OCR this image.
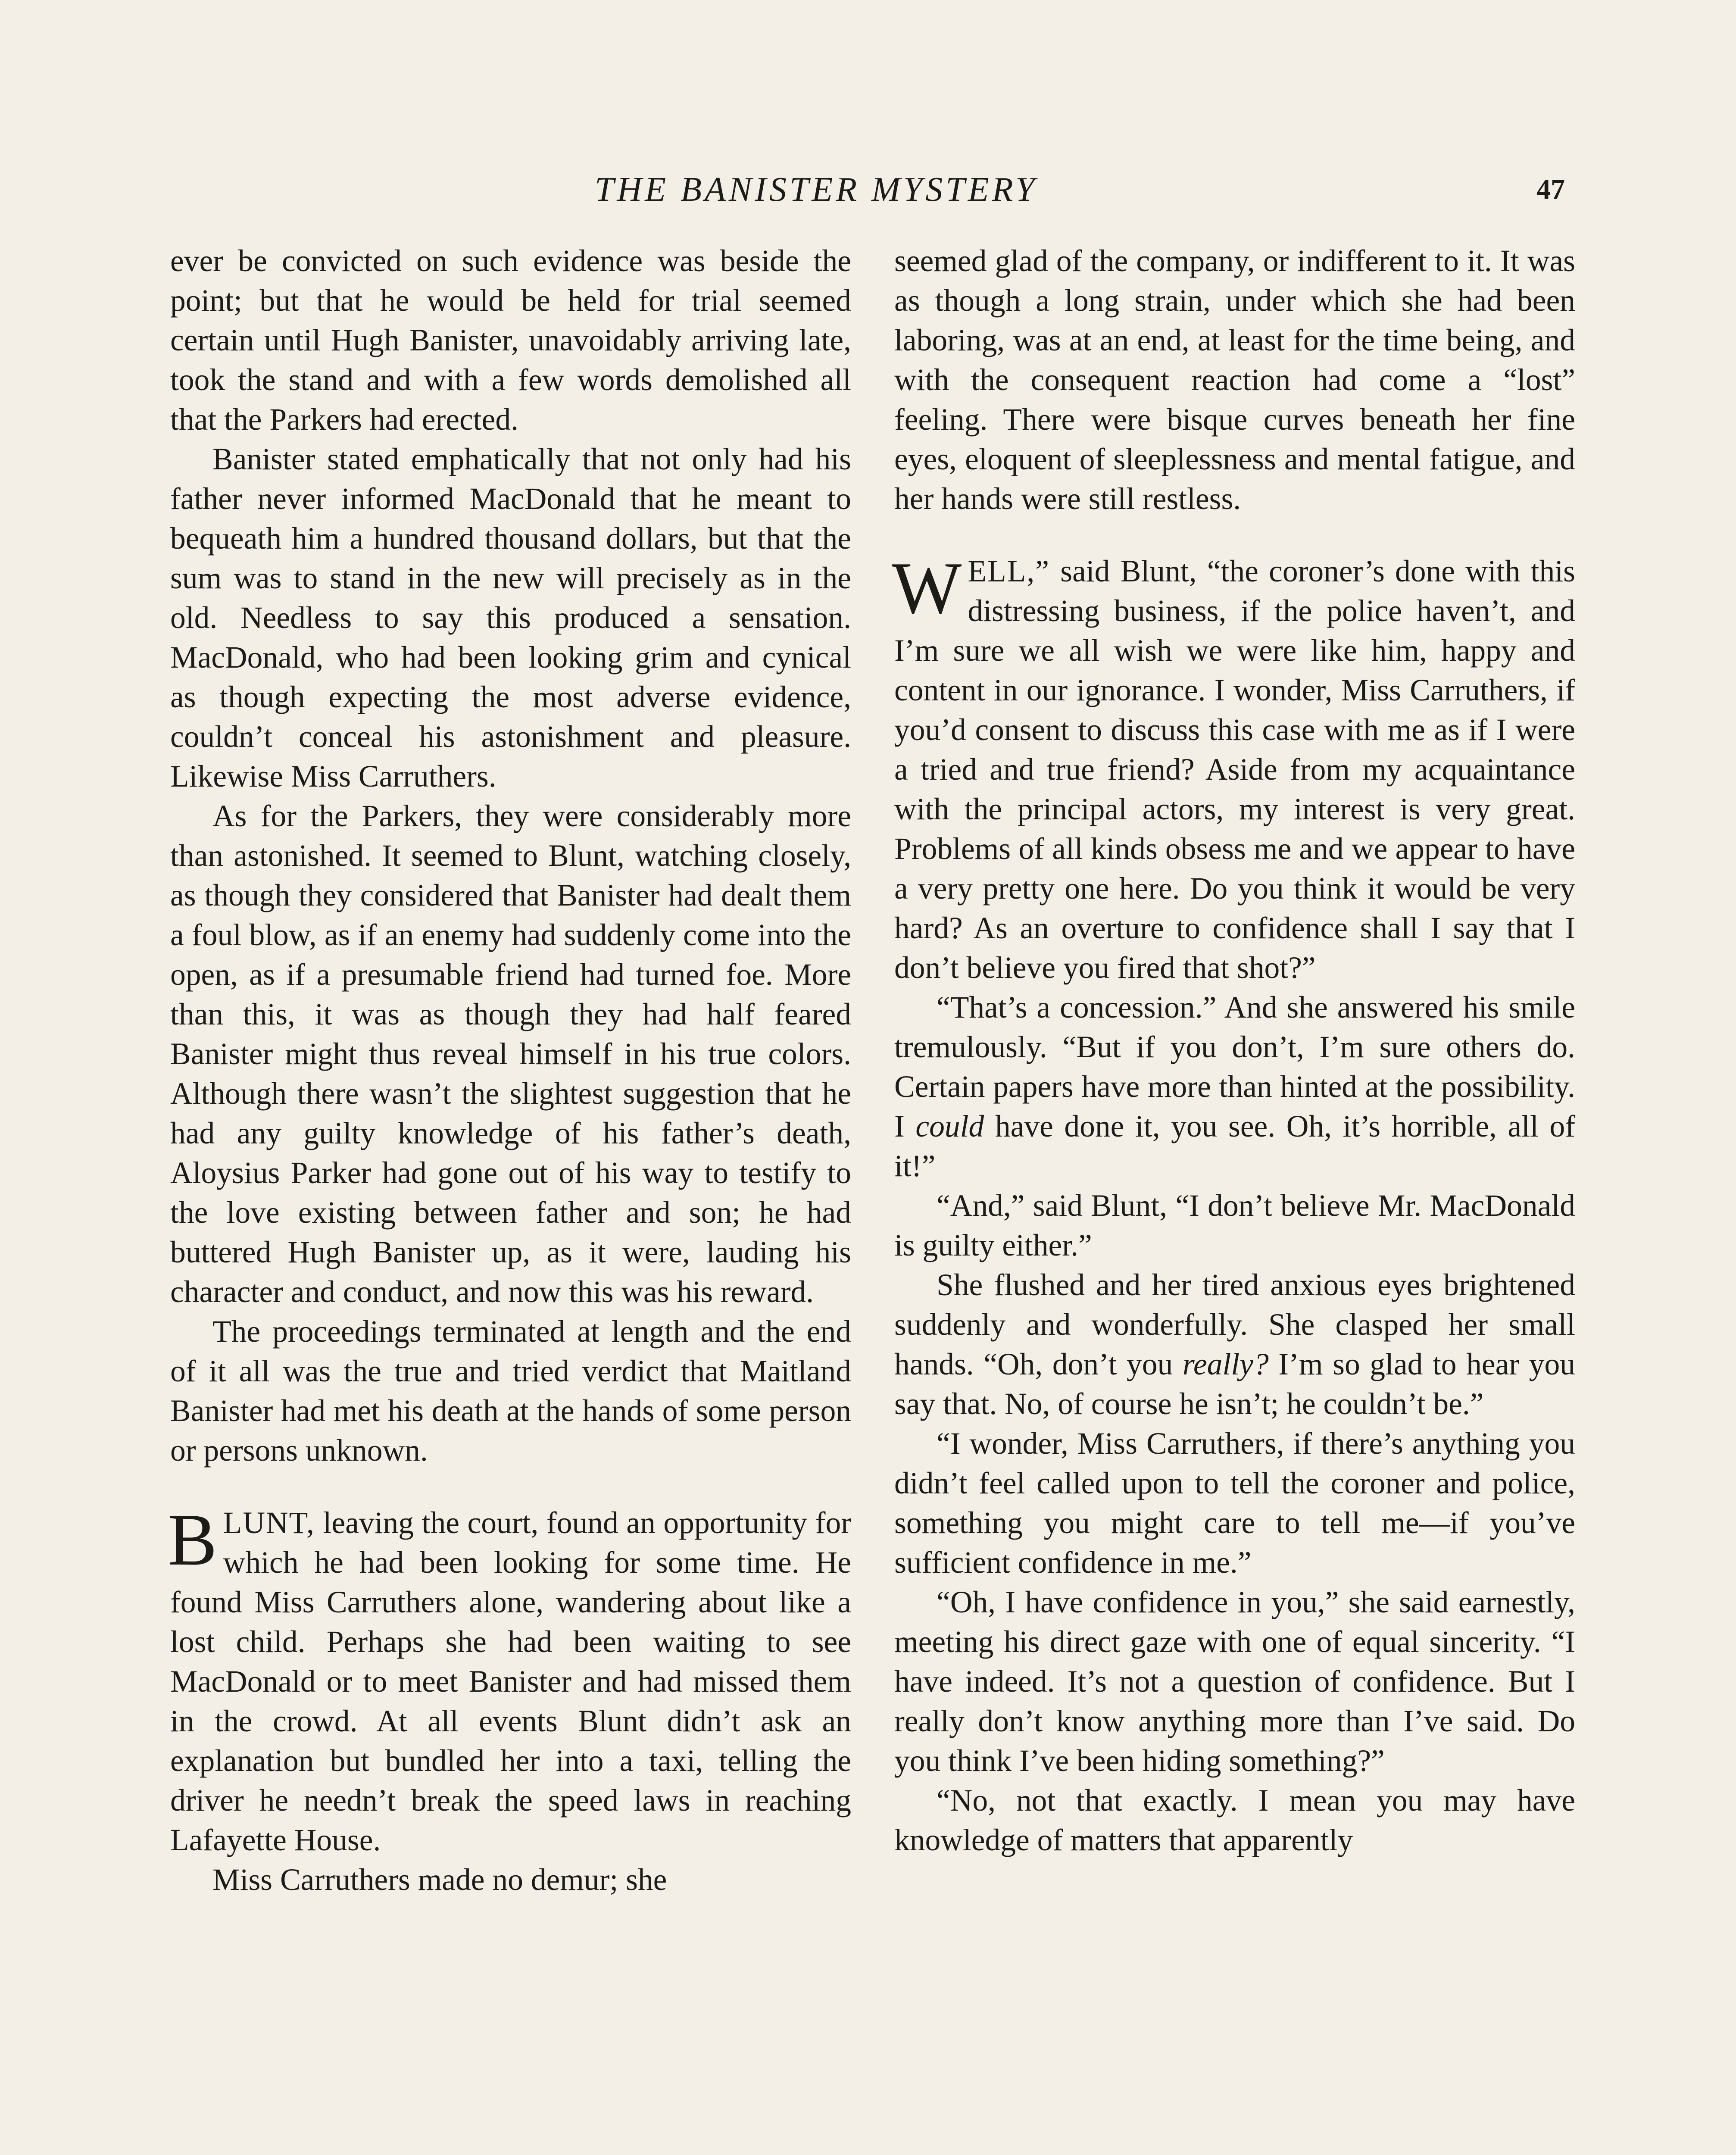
THE BANISTER MYSTERY	47

ever be convicted on such evidence was beside the point; but that he would be held for trial seemed certain until Hugh Banister, unavoidably arriving late, took the stand and with a few words demolished all that the Parkers had erected.

Banister stated emphatically that not only had his father never informed MacDonald that he meant to bequeath him a hundred thousand dollars, but that the sum was to stand in the new will precisely as in the old. Needless to say this produced a sensation. MacDonald, who had been looking grim and cynical as though expecting the most adverse evidence, couldn’t conceal his astonishment and pleasure. Likewise Miss Carruthers.

As for the Parkers, they were considerably more than astonished. It seemed to Blunt, watching closely, as though they considered that Banister had dealt them a foul blow, as if an enemy had suddenly come into the open, as if a presumable friend had turned foe. More than this, it was as though they had half feared Banister might thus reveal himself in his true colors. Although there wasn’t the slightest suggestion that he had any guilty knowledge of his father’s death, Aloysius Parker had gone out of his way to testify to the love existing between father and son; he had buttered Hugh Banister up, as it were, lauding his character and conduct, and now this was his reward.

The proceedings terminated at length and the end of it all was the true and tried verdict that Maitland Banister had met his death at the hands of some person or persons unknown.

BLUNT, leaving the court, found an opportunity for which he had been looking for some time. He found Miss Carruthers alone, wandering about like a lost child. Perhaps she had been waiting to see MacDonald or to meet Banister and had missed them in the crowd. At all events Blunt didn’t ask an explanation but bundled her into a taxi, telling the driver he needn’t break the speed laws in reaching Lafayette House.

Miss Carruthers made no demur; she

seemed glad of the company, or indifferent to it. It was as though a long strain, under which she had been laboring, was at an end, at least for the time being, and with the consequent reaction had come a “lost” feeling. There were bisque curves beneath her fine eyes, eloquent of sleeplessness and mental fatigue, and her hands were still restless.

WELL,” said Blunt, “the coroner’s done with this distressing business, if the police haven’t, and I’m sure we all wish we were like him, happy and content in our ignorance. I wonder, Miss Carruthers, if you’d consent to discuss this case with me as if I were a tried and true friend? Aside from my acquaintance with the principal actors, my interest is very great. Problems of all kinds obsess me and we appear to have a very pretty one here. Do you think it would be very hard? As an overture to confidence shall I say that I don’t believe you fired that shot?”

“That’s a concession.” And she answered his smile tremulously. “But if you don’t, I’m sure others do. Certain papers have more than hinted at the possibility. I could have done it, you see. Oh, it’s horrible, all of it!”

“And,” said Blunt, “I don’t believe Mr. MacDonald is guilty either.”

She flushed and her tired anxious eyes brightened suddenly and wonderfully. She clasped her small hands. “Oh, don’t you really? I’m so glad to hear you say that. No, of course he isn’t; he couldn’t be.”

“I wonder, Miss Carruthers, if there’s anything you didn’t feel called upon to tell the coroner and police, something you might care to tell me—if you’ve sufficient confidence in me.”

“Oh, I have confidence in you,” she said earnestly, meeting his direct gaze with one of equal sincerity. “I have indeed. It’s not a question of confidence. But I really don’t know anything more than I’ve said. Do you think I’ve been hiding something?”

“No, not that exactly. I mean you may have knowledge of matters that apparently
